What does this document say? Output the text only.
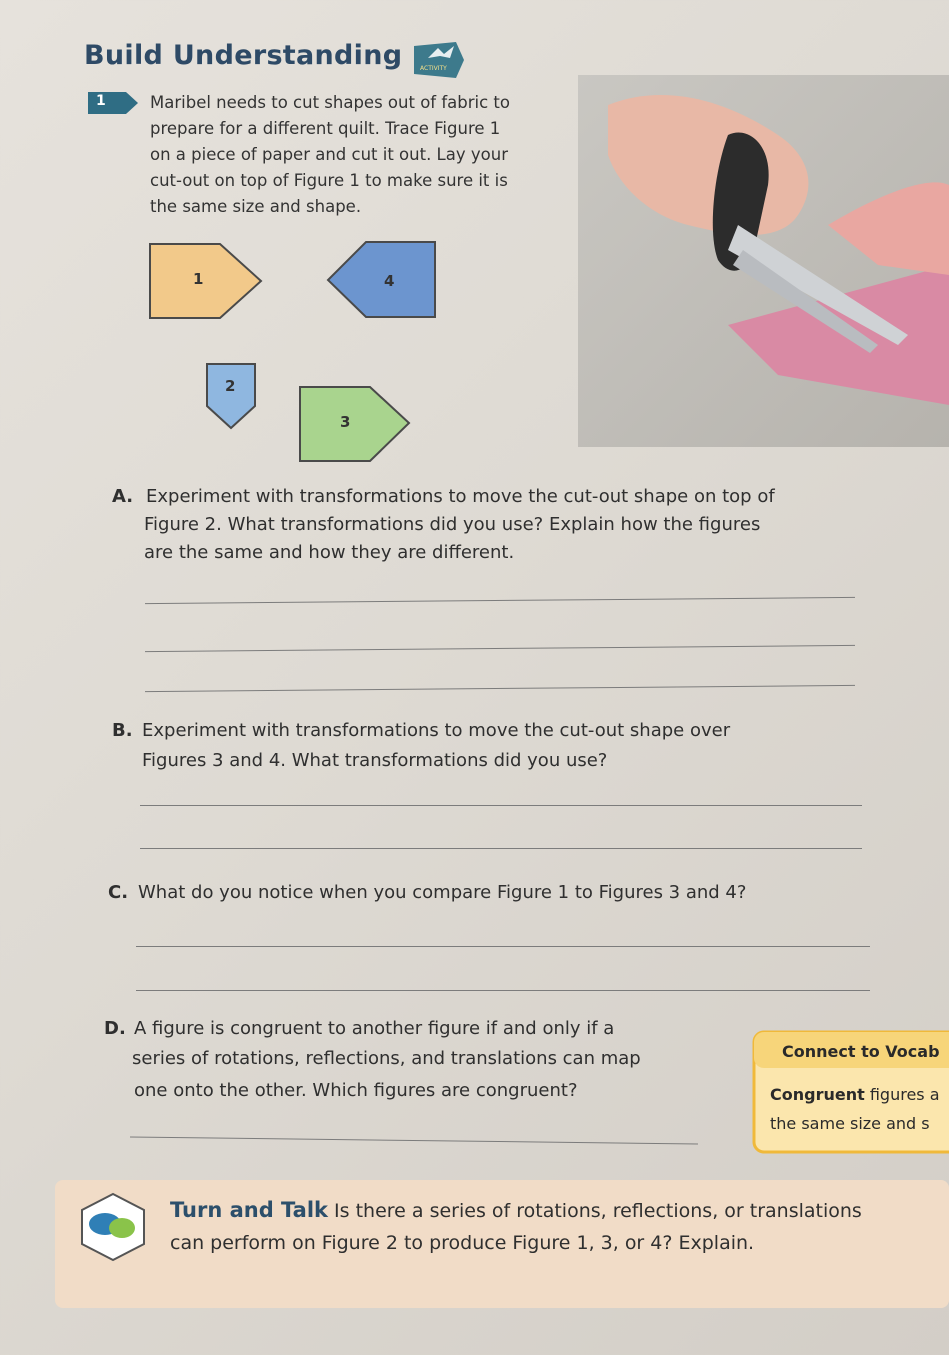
Build Understanding	ACTIVITY
1	Maribel needs to cut shapes out of fabric to
prepare for a different quilt. Trace Figure 1
on a piece of paper and cut it out. Lay your
cut-out on top of Figure 1 to make sure it is
the same size and shape.
1	4
2
3
A. Experiment with transformations to move the cut-out shape on top of
Figure 2. What transformations did you use? Explain how the figures
are the same and how they are different.
B. Experiment with transformations to move the cut-out shape over
Figures 3 and 4. What transformations did you use?
C. What do you notice when you compare Figure 1 to Figures 3 and 4?
D. A figure is congruent to another figure if and only if a
series of rotations, reflections, and translations can map
one onto the other. Which figures are congruent?
Connect to Vocab
Congruent figures a
the same size and s
Turn and Talk Is there a series of rotations, reflections, or translations
can perform on Figure 2 to produce Figure 1, 3, or 4? Explain.
